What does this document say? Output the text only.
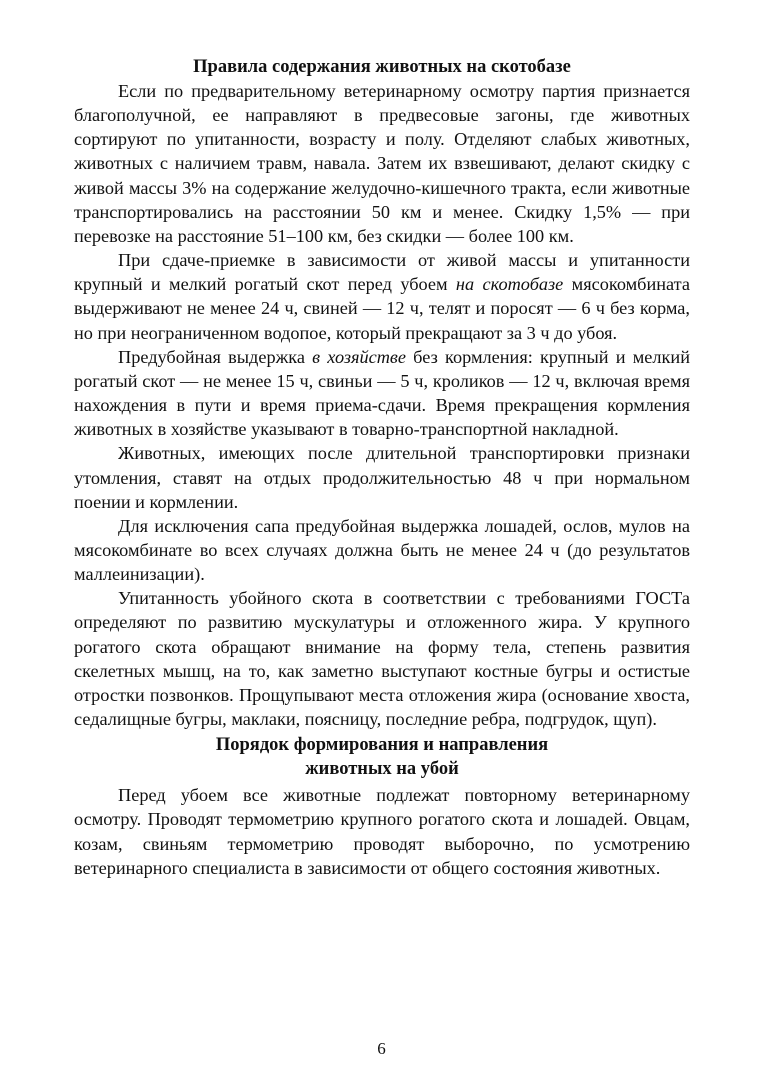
Правила содержания животных на скотобазе

Если по предварительному ветеринарному осмотру партия признается благополучной, ее направляют в предвесовые загоны, где животных сортируют по упитанности, возрасту и полу. Отделяют слабых животных, животных с наличием травм, навала. Затем их взвешивают, делают скидку с живой массы 3% на содержание желудочно-кишечного тракта, если животные транспортировались на расстоянии 50 км и менее. Скидку 1,5% — при перевозке на расстояние 51–100 км, без скидки — более 100 км.

При сдаче-приемке в зависимости от живой массы и упитанности крупный и мелкий рогатый скот перед убоем на скотобазе мясокомбината выдерживают не менее 24 ч, свиней — 12 ч, телят и поросят — 6 ч без корма, но при неограниченном водопое, который прекращают за 3 ч до убоя.

Предубойная выдержка в хозяйстве без кормления: крупный и мелкий рогатый скот — не менее 15 ч, свиньи — 5 ч, кроликов — 12 ч, включая время нахождения в пути и время приема-сдачи. Время прекращения кормления животных в хозяйстве указывают в товарно-транспортной накладной.

Животных, имеющих после длительной транспортировки признаки утомления, ставят на отдых продолжительностью 48 ч при нормальном поении и кормлении.

Для исключения сапа предубойная выдержка лошадей, ослов, мулов на мясокомбинате во всех случаях должна быть не менее 24 ч (до результатов маллеинизации).

Упитанность убойного скота в соответствии с требованиями ГОСТа определяют по развитию мускулатуры и отложенного жира. У крупного рогатого скота обращают внимание на форму тела, степень развития скелетных мышц, на то, как заметно выступают костные бугры и остистые отростки позвонков. Прощупывают места отложения жира (основание хвоста, седалищные бугры, маклаки, поясницу, последние ребра, подгрудок, щуп).

Порядок формирования и направления
животных на убой

Перед убоем все животные подлежат повторному ветеринарному осмотру. Проводят термометрию крупного рогатого скота и лошадей. Овцам, козам, свиньям термометрию проводят выборочно, по усмотрению ветеринарного специалиста в зависимости от общего состояния животных.

6
